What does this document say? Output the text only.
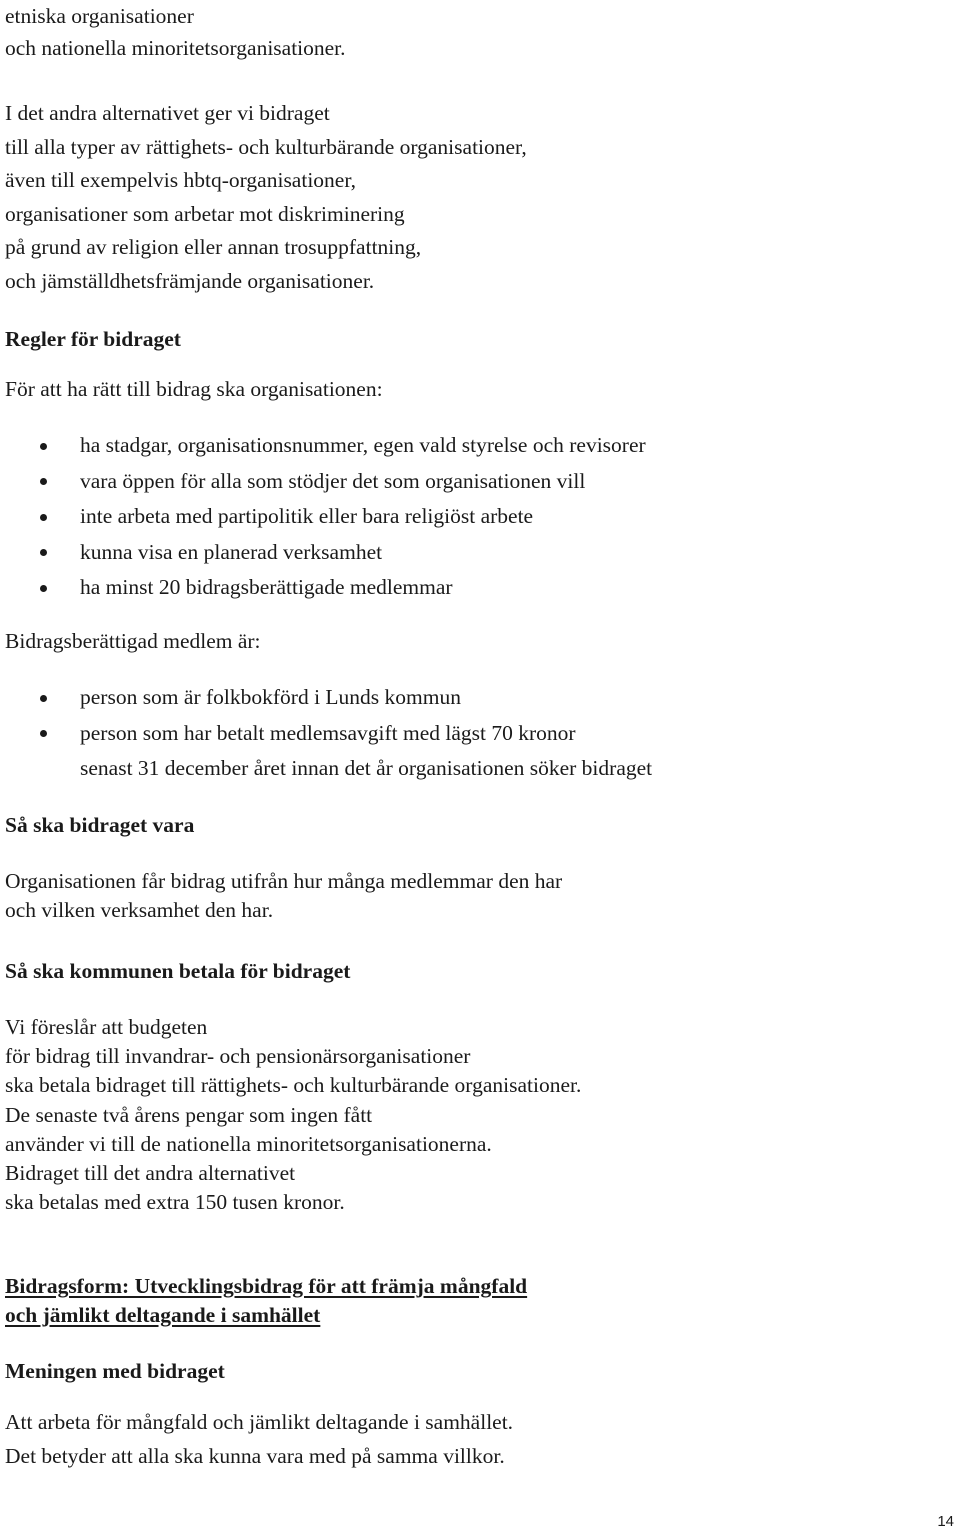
etniska organisationer
och nationella minoritetsorganisationer.
I det andra alternativet ger vi bidraget
till alla typer av rättighets- och kulturbärande organisationer,
även till exempelvis hbtq-organisationer,
organisationer som arbetar mot diskriminering
på grund av religion eller annan trosuppfattning,
och jämställdhetsfrämjande organisationer.
Regler för bidraget
För att ha rätt till bidrag ska organisationen:
ha stadgar, organisationsnummer, egen vald styrelse och revisorer
vara öppen för alla som stödjer det som organisationen vill
inte arbeta med partipolitik eller bara religiöst arbete
kunna visa en planerad verksamhet
ha minst 20 bidragsberättigade medlemmar
Bidragsberättigad medlem är:
person som är folkbokförd i Lunds kommun
person som har betalt medlemsavgift med lägst 70 kronor
senast 31 december året innan det år organisationen söker bidraget
Så ska bidraget vara
Organisationen får bidrag utifrån hur många medlemmar den har
och vilken verksamhet den har.
Så ska kommunen betala för bidraget
Vi föreslår att budgeten
för bidrag till invandrar- och pensionärsorganisationer
ska betala bidraget till rättighets- och kulturbärande organisationer.
De senaste två årens pengar som ingen fått
använder vi till de nationella minoritetsorganisationerna.
Bidraget till det andra alternativet
ska betalas med extra 150 tusen kronor.
Bidragsform: Utvecklingsbidrag för att främja mångfald
och jämlikt deltagande i samhället
Meningen med bidraget
Att arbeta för mångfald och jämlikt deltagande i samhället.
Det betyder att alla ska kunna vara med på samma villkor.
14
